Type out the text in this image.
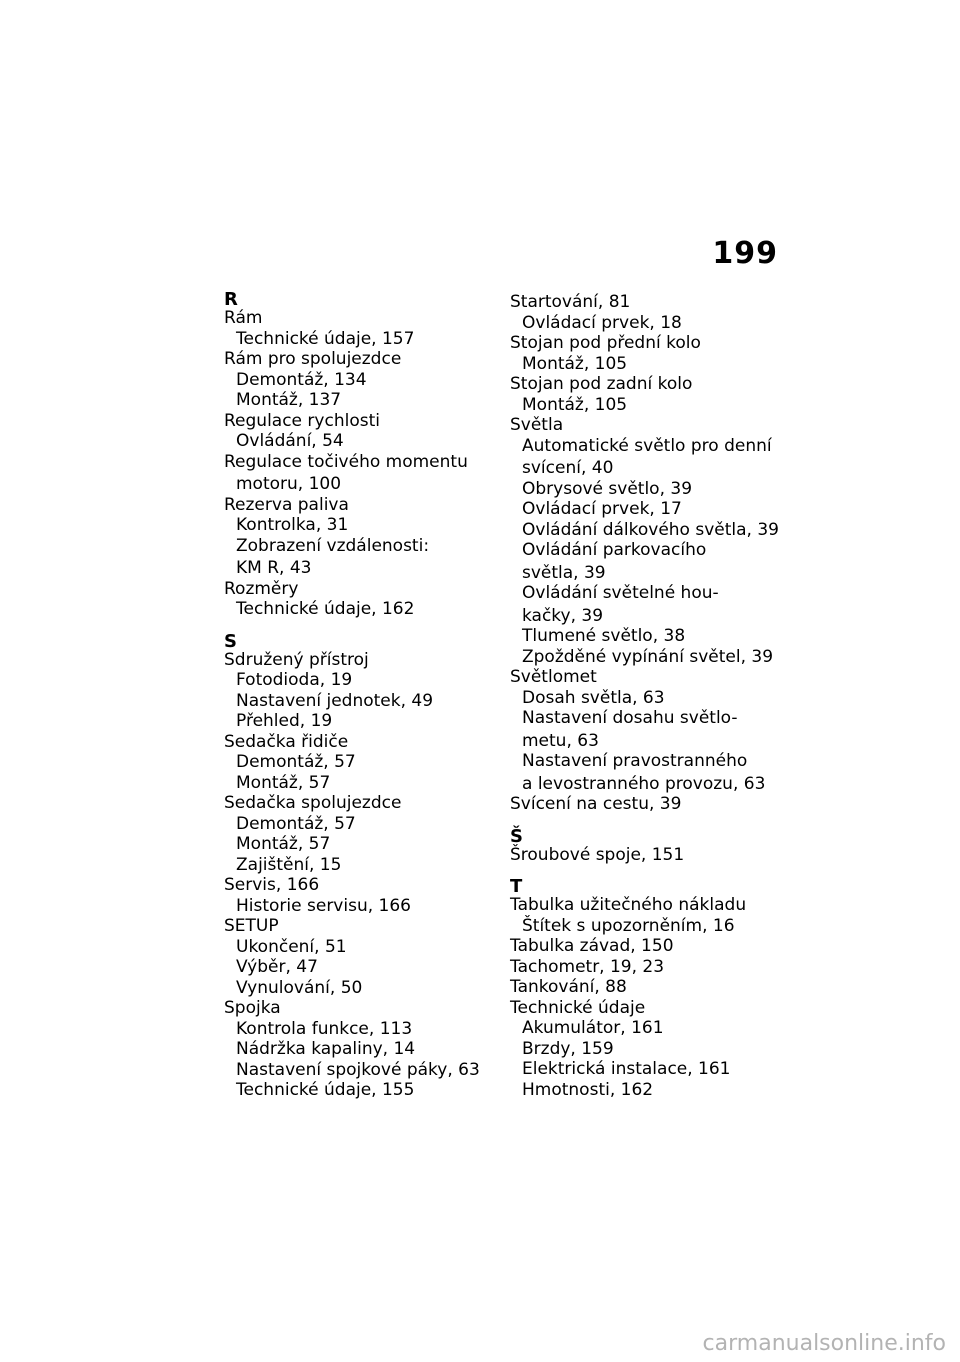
199
R
Rám
Technické údaje, 157
Rám pro spolujezdce
Demontáž, 134
Montáž, 137
Regulace rychlosti
Ovládání, 54
Regulace točivého momentu
motoru, 100
Rezerva paliva
Kontrolka, 31
Zobrazení vzdálenosti:
KM R, 43
Rozměry
Technické údaje, 162
S
Sdružený přístroj
Fotodioda, 19
Nastavení jednotek, 49
Přehled, 19
Sedačka řidiče
Demontáž, 57
Montáž, 57
Sedačka spolujezdce
Demontáž, 57
Montáž, 57
Zajištění, 15
Servis, 166
Historie servisu, 166
SETUP
Ukončení, 51
Výběr, 47
Vynulování, 50
Spojka
Kontrola funkce, 113
Nádržka kapaliny, 14
Nastavení spojkové páky, 63
Technické údaje, 155
Startování, 81
Ovládací prvek, 18
Stojan pod přední kolo
Montáž, 105
Stojan pod zadní kolo
Montáž, 105
Světla
Automatické světlo pro denní
svícení, 40
Obrysové světlo, 39
Ovládací prvek, 17
Ovládání dálkového světla, 39
Ovládání parkovacího
světla, 39
Ovládání světelné hou-
kačky, 39
Tlumené světlo, 38
Zpožděné vypínání světel, 39
Světlomet
Dosah světla, 63
Nastavení dosahu světlo-
metu, 63
Nastavení pravostranného
a levostranného provozu, 63
Svícení na cestu, 39
Š
Šroubové spoje, 151
T
Tabulka užitečného nákladu
Štítek s upozorněním, 16
Tabulka závad, 150
Tachometr, 19, 23
Tankování, 88
Technické údaje
Akumulátor, 161
Brzdy, 159
Elektrická instalace, 161
Hmotnosti, 162
carmanualsonline.info
